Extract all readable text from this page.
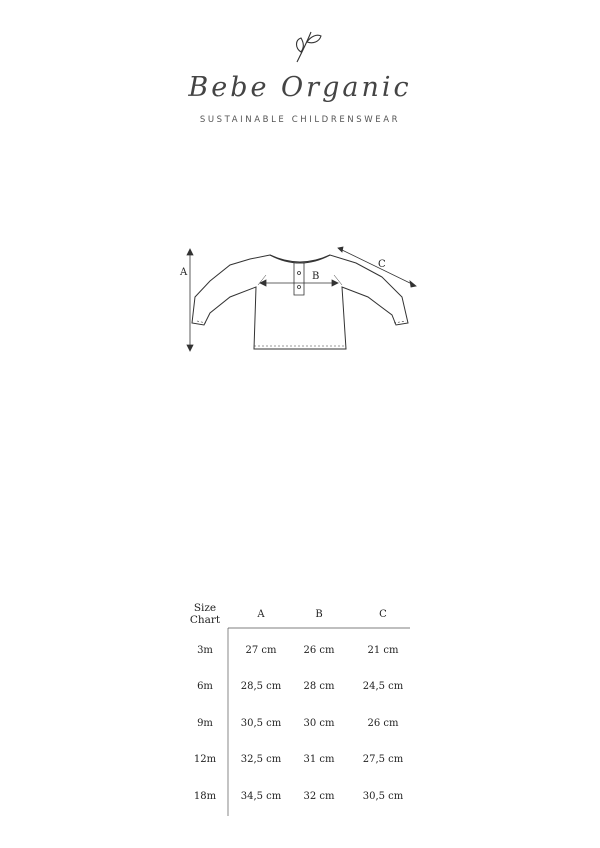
Bebe Organic
SUSTAINABLE CHILDRENSWEAR
A	B
C
Size Chart	A	B	C
3m	27 cm	26 cm	21 cm
6m	28,5 cm	28 cm	24,5 cm
9m	30,5 cm	30 cm	26 cm
12m	32,5 cm	31 cm	27,5 cm
18m	34,5 cm	32 cm	30,5 cm
